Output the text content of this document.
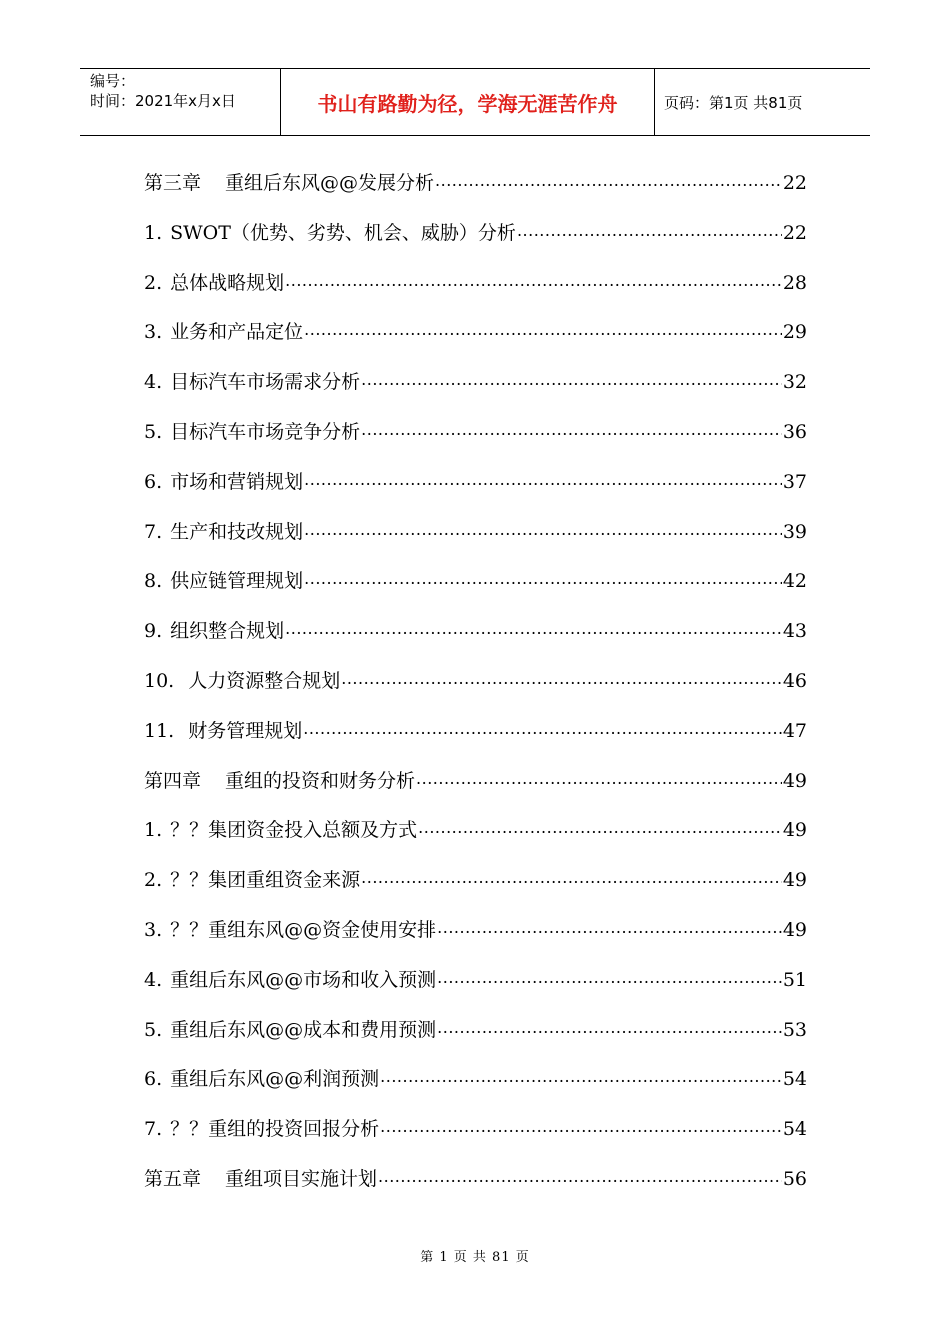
编号：
时间：2021年x月x日	书山有路勤为径，学海无涯苦作舟	页码：第1页 共81页
第三章	重组后东风@@发展分析 .....	22
1. SWOT（优势、劣势、机会、威胁）分析 .....	22
2. 总体战略规划 .....	28
3. 业务和产品定位 .....	29
4. 目标汽车市场需求分析 .....	32
5. 目标汽车市场竞争分析 .....	36
6. 市场和营销规划 .....	37
7. 生产和技改规划 .....	39
8. 供应链管理规划 .....	42
9. 组织整合规划 .....	43
10. 人力资源整合规划 .....	46
11. 财务管理规划 .....	47
第四章	重组的投资和财务分析 .....	49
1. ？？集团资金投入总额及方式 .....	49
2. ？？集团重组资金来源 .....	49
3. ？？重组东风@@资金使用安排 .....	49
4. 重组后东风@@市场和收入预测 .....	51
5. 重组后东风@@成本和费用预测 .....	53
6. 重组后东风@@利润预测 .....	54
7. ？？重组的投资回报分析 .....	54
第五章	重组项目实施计划 .....	56
第 1 页 共 81 页
